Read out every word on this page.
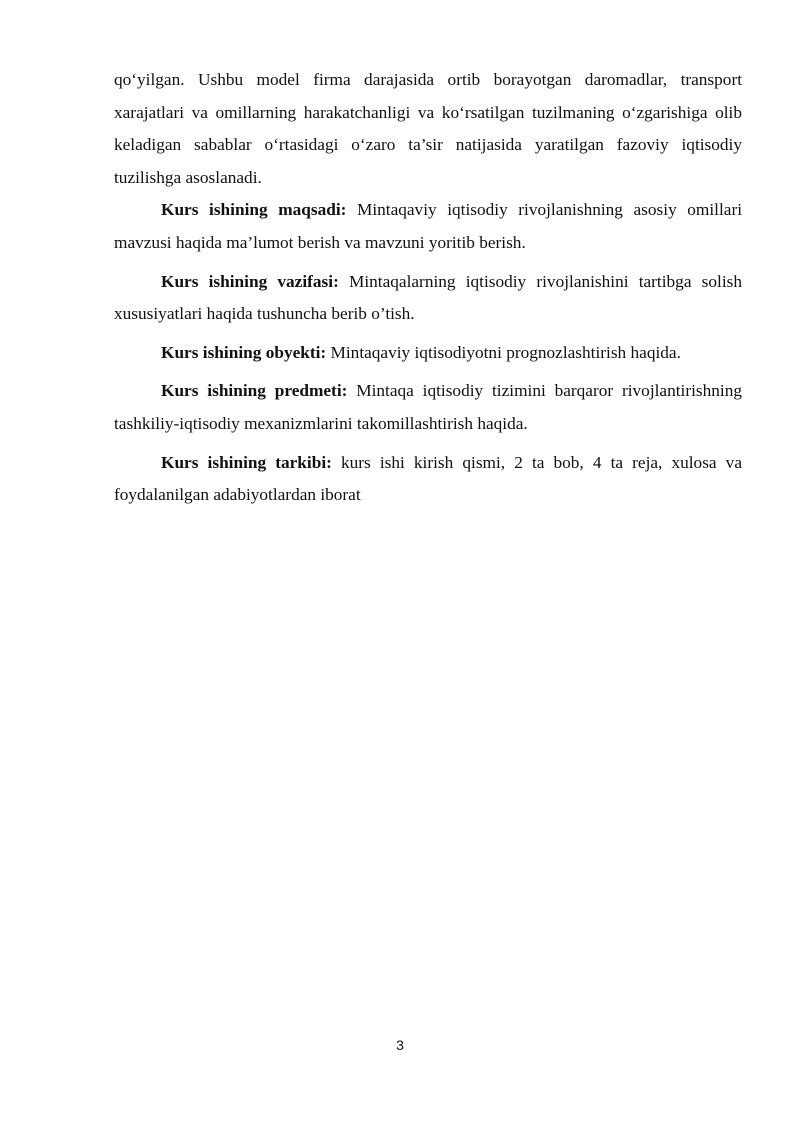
qo‘yilgan. Ushbu model firma darajasida ortib borayotgan daromadlar, transport xarajatlari va omillarning harakatchanligi va ko‘rsatilgan tuzilmaning o‘zgarishiga olib keladigan sabablar o‘rtasidagi o‘zaro ta’sir natijasida yaratilgan fazoviy iqtisodiy tuzilishga asoslanadi.

Kurs ishining maqsadi: Mintaqaviy iqtisodiy rivojlanishning asosiy omillari mavzusi haqida ma’lumot berish va mavzuni yoritib berish.

Kurs ishining vazifasi: Mintaqalarning iqtisodiy rivojlanishini tartibga solish xususiyatlari haqida tushuncha berib o’tish.

Kurs ishining obyekti: Mintaqaviy iqtisodiyotni prognozlashtirish haqida.

Kurs ishining predmeti: Mintaqa iqtisodiy tizimini barqaror rivojlantirishning tashkiliy-iqtisodiy mexanizmlarini takomillashtirish haqida.

Kurs ishining tarkibi: kurs ishi kirish qismi, 2 ta bob, 4 ta reja, xulosa va foydalanilgan adabiyotlardan iborat

3
